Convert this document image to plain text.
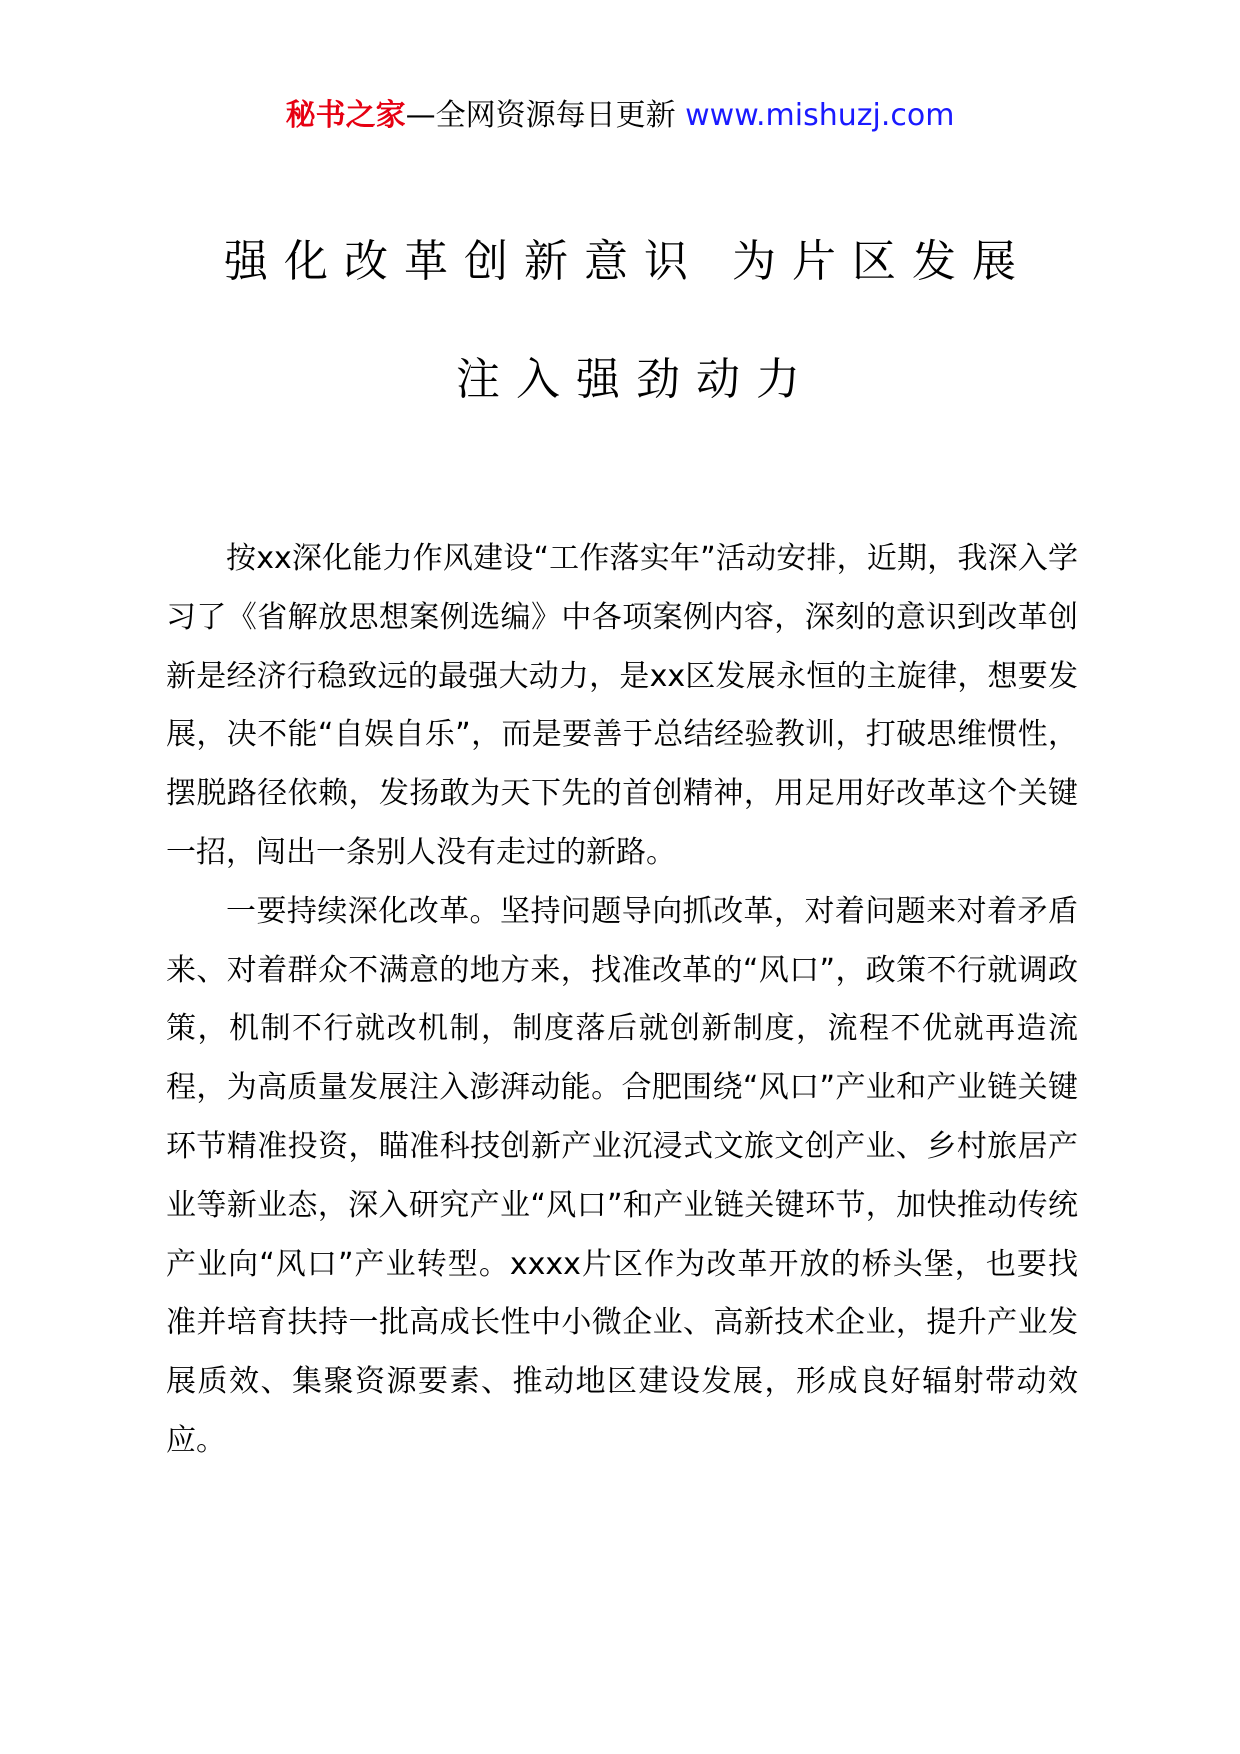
秘书之家—全网资源每日更新 www.mishuzj.com
强化改革创新意识 为片区发展
注入强劲动力

按xx深化能力作风建设“工作落实年”活动安排，近期，我深入学习了《省解放思想案例选编》中各项案例内容，深刻的意识到改革创新是经济行稳致远的最强大动力，是xx区发展永恒的主旋律，想要发展，决不能“自娱自乐”，而是要善于总结经验教训，打破思维惯性，摆脱路径依赖，发扬敢为天下先的首创精神，用足用好改革这个关键一招，闯出一条别人没有走过的新路。

一要持续深化改革。坚持问题导向抓改革，对着问题来对着矛盾来、对着群众不满意的地方来，找准改革的“风口”，政策不行就调政策，机制不行就改机制，制度落后就创新制度，流程不优就再造流程，为高质量发展注入澎湃动能。合肥围绕“风口”产业和产业链关键环节精准投资，瞄准科技创新产业沉浸式文旅文创产业、乡村旅居产业等新业态，深入研究产业“风口”和产业链关键环节，加快推动传统产业向“风口”产业转型。xxxx片区作为改革开放的桥头堡，也要找准并培育扶持一批高成长性中小微企业、高新技术企业，提升产业发展质效、集聚资源要素、推动地区建设发展，形成良好辐射带动效应。
